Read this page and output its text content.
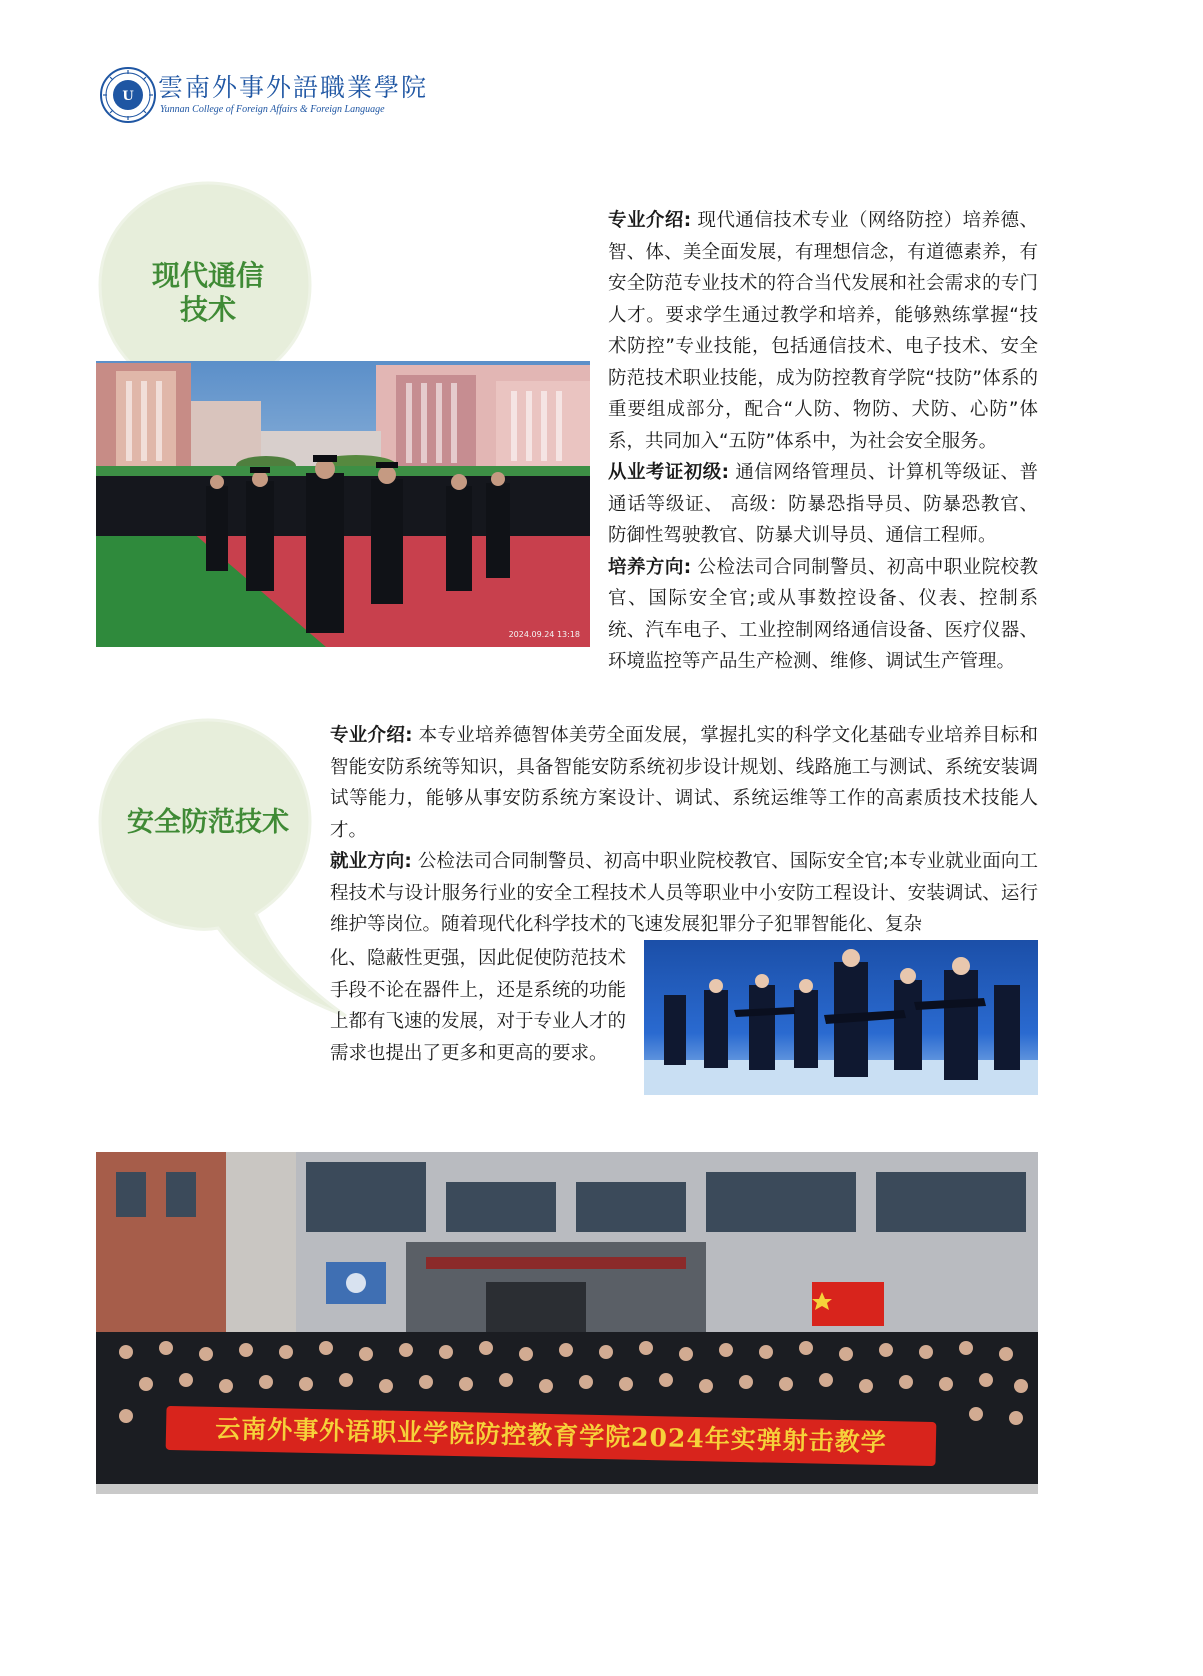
U 雲南外事外語職業學院
Yunnan College of Foreign Affairs & Foreign Language
现代通信
技术
2024.09.24 13:18

专业介绍: 现代通信技术专业（网络防控）培养德、智、体、美全面发展，有理想信念，有道德素养，有安全防范专业技术的符合当代发展和社会需求的专门人才。要求学生通过教学和培养，能够熟练掌握“技术防控”专业技能，包括通信技术、电子技术、安全防范技术职业技能，成为防控教育学院“技防”体系的重要组成部分，配合“人防、物防、犬防、心防”体系，共同加入“五防”体系中，为社会安全服务。

从业考证初级: 通信网络管理员、计算机等级证、普通话等级证、 高级：防暴恐指导员、防暴恐教官、防御性驾驶教官、防暴犬训导员、通信工程师。

培养方向: 公检法司合同制警员、初高中职业院校教官、国际安全官;或从事数控设备、仪表、控制系统、汽车电子、工业控制网络通信设备、医疗仪器、环境监控等产品生产检测、维修、调试生产管理。

安全防范技术

专业介绍: 本专业培养德智体美劳全面发展，掌握扎实的科学文化基础专业培养目标和智能安防系统等知识，具备智能安防系统初步设计规划、线路施工与测试、系统安装调试等能力，能够从事安防系统方案设计、调试、系统运维等工作的高素质技术技能人才。

就业方向: 公检法司合同制警员、初高中职业院校教官、国际安全官;本专业就业面向工程技术与设计服务行业的安全工程技术人员等职业中小安防工程设计、安装调试、运行维护等岗位。随着现代化科学技术的飞速发展犯罪分子犯罪智能化、复杂

化、隐蔽性更强，因此促使防范技术手段不论在器件上，还是系统的功能上都有飞速的发展，对于专业人才的需求也提出了更多和更高的要求。

云南外事外语职业学院防控教育学院2024年实弹射击教学
